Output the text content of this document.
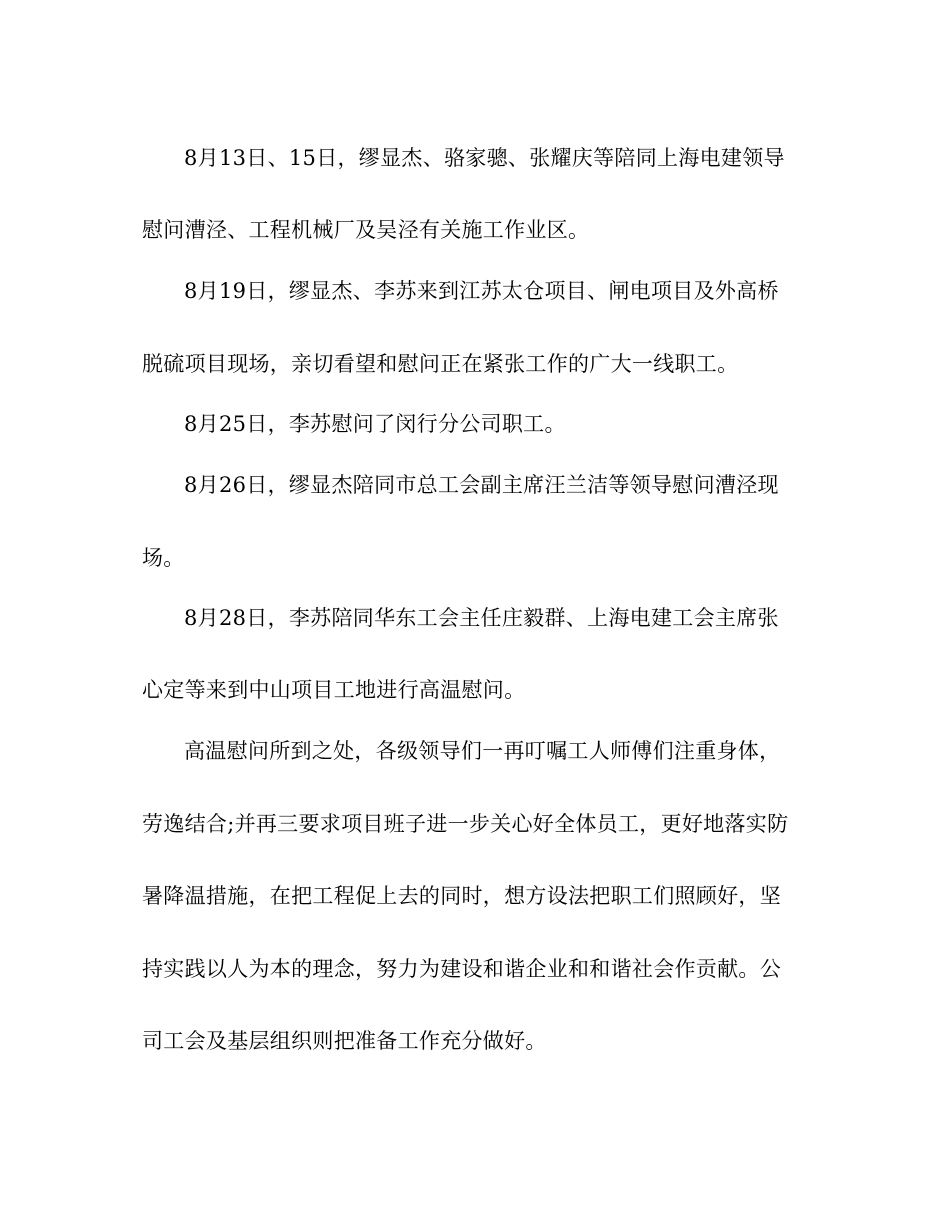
8月13日、15日，缪显杰、骆家骢、张耀庆等陪同上海电建领导
慰问漕泾、工程机械厂及吴泾有关施工作业区。
8月19日，缪显杰、李苏来到江苏太仓项目、闸电项目及外高桥
脱硫项目现场，亲切看望和慰问正在紧张工作的广大一线职工。
8月25日，李苏慰问了闵行分公司职工。
8月26日，缪显杰陪同市总工会副主席汪兰洁等领导慰问漕泾现
场。
8月28日，李苏陪同华东工会主任庄毅群、上海电建工会主席张
心定等来到中山项目工地进行高温慰问。
高温慰问所到之处，各级领导们一再叮嘱工人师傅们注重身体，
劳逸结合;并再三要求项目班子进一步关心好全体员工，更好地落实防
暑降温措施，在把工程促上去的同时，想方设法把职工们照顾好，坚
持实践以人为本的理念，努力为建设和谐企业和和谐社会作贡献。公
司工会及基层组织则把准备工作充分做好。
